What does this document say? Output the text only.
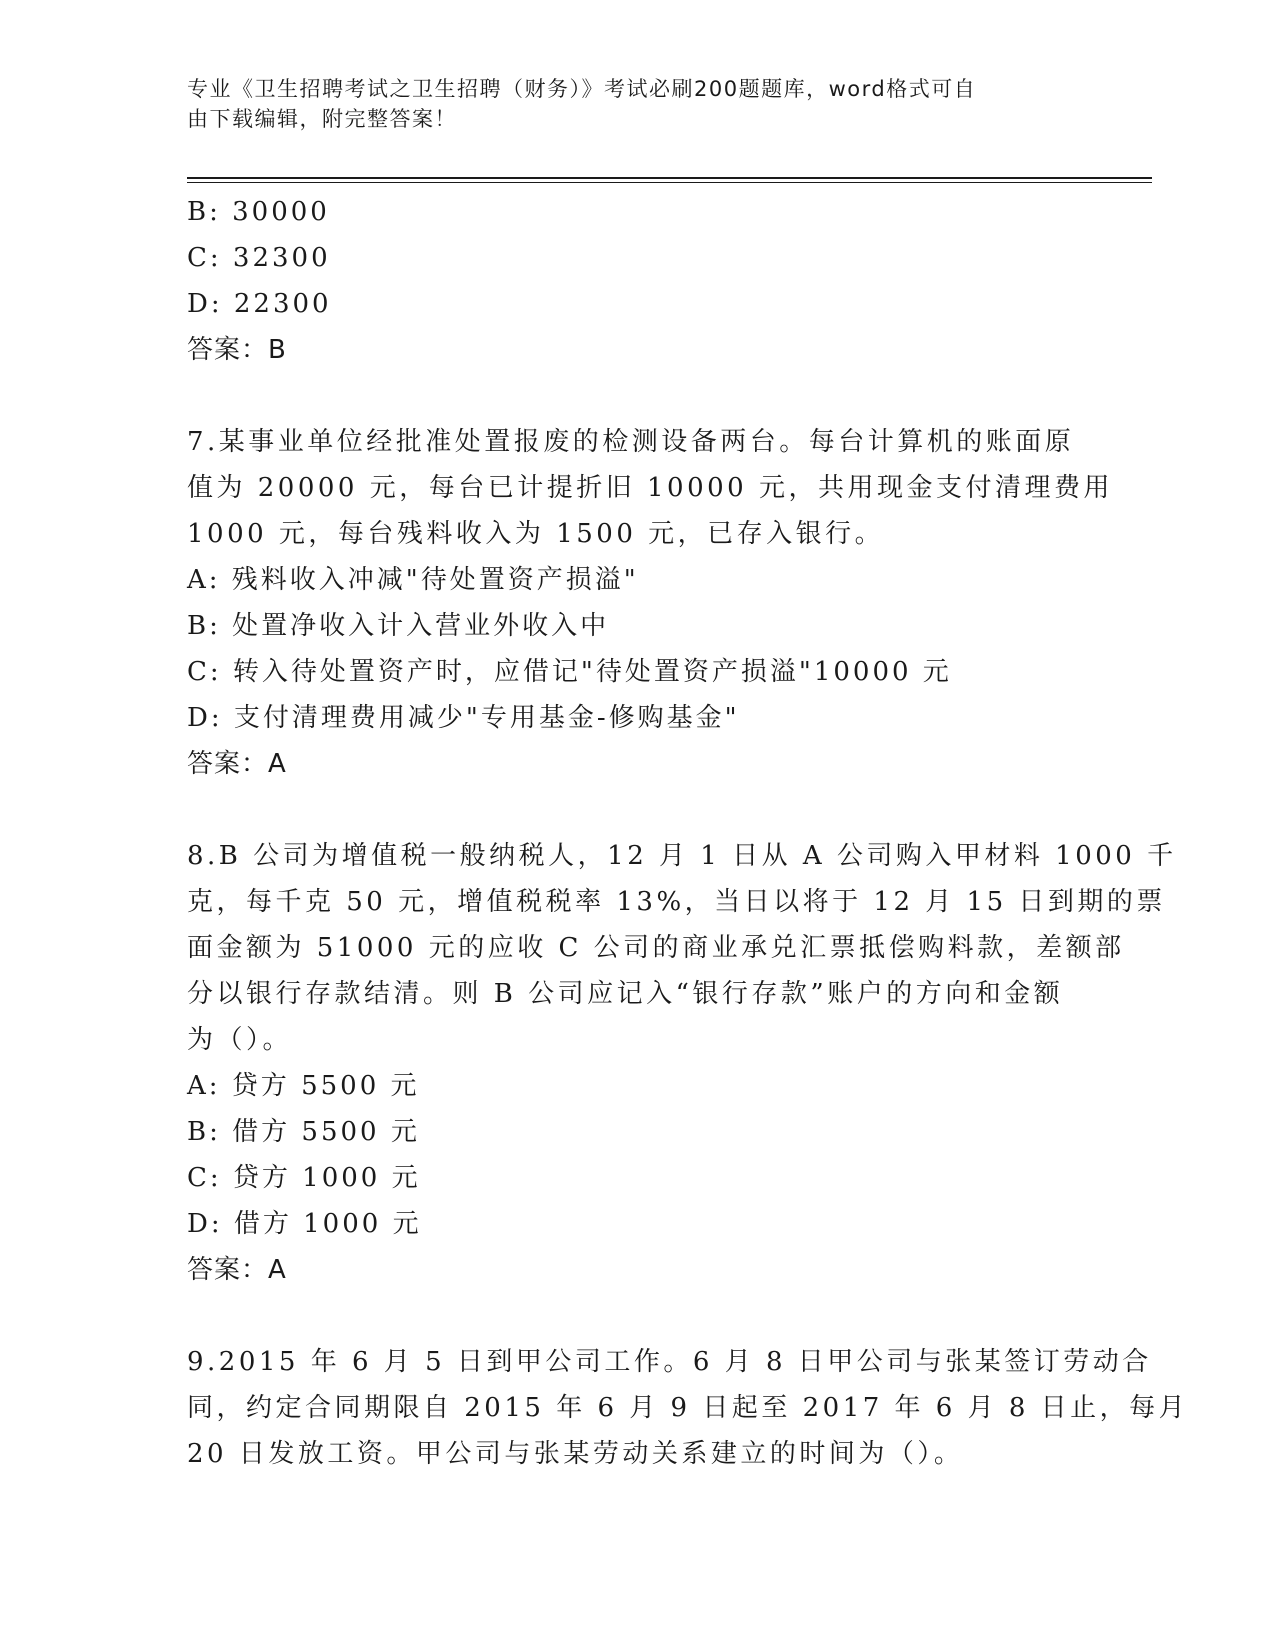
专业《卫生招聘考试之卫生招聘（财务）》考试必刷200题题库，word格式可自
由下载编辑，附完整答案！
B: 30000
C: 32300
D: 22300
答案：B
7.某事业单位经批准处置报废的检测设备两台。每台计算机的账面原
值为 20000 元，每台已计提折旧 10000 元，共用现金支付清理费用
1000 元，每台残料收入为 1500 元，已存入银行。
A: 残料收入冲减"待处置资产损溢"
B: 处置净收入计入营业外收入中
C: 转入待处置资产时，应借记"待处置资产损溢"10000 元
D: 支付清理费用减少"专用基金-修购基金"
答案：A
8.B 公司为增值税一般纳税人，12 月 1 日从 A 公司购入甲材料 1000 千
克，每千克 50 元，增值税税率 13%，当日以将于 12 月 15 日到期的票
面金额为 51000 元的应收 C 公司的商业承兑汇票抵偿购料款，差额部
分以银行存款结清。则 B 公司应记入“银行存款”账户的方向和金额
为（）。
A: 贷方 5500 元
B: 借方 5500 元
C: 贷方 1000 元
D: 借方 1000 元
答案：A
9.2015 年 6 月 5 日到甲公司工作。6 月 8 日甲公司与张某签订劳动合
同，约定合同期限自 2015 年 6 月 9 日起至 2017 年 6 月 8 日止，每月
20 日发放工资。甲公司与张某劳动关系建立的时间为（）。
